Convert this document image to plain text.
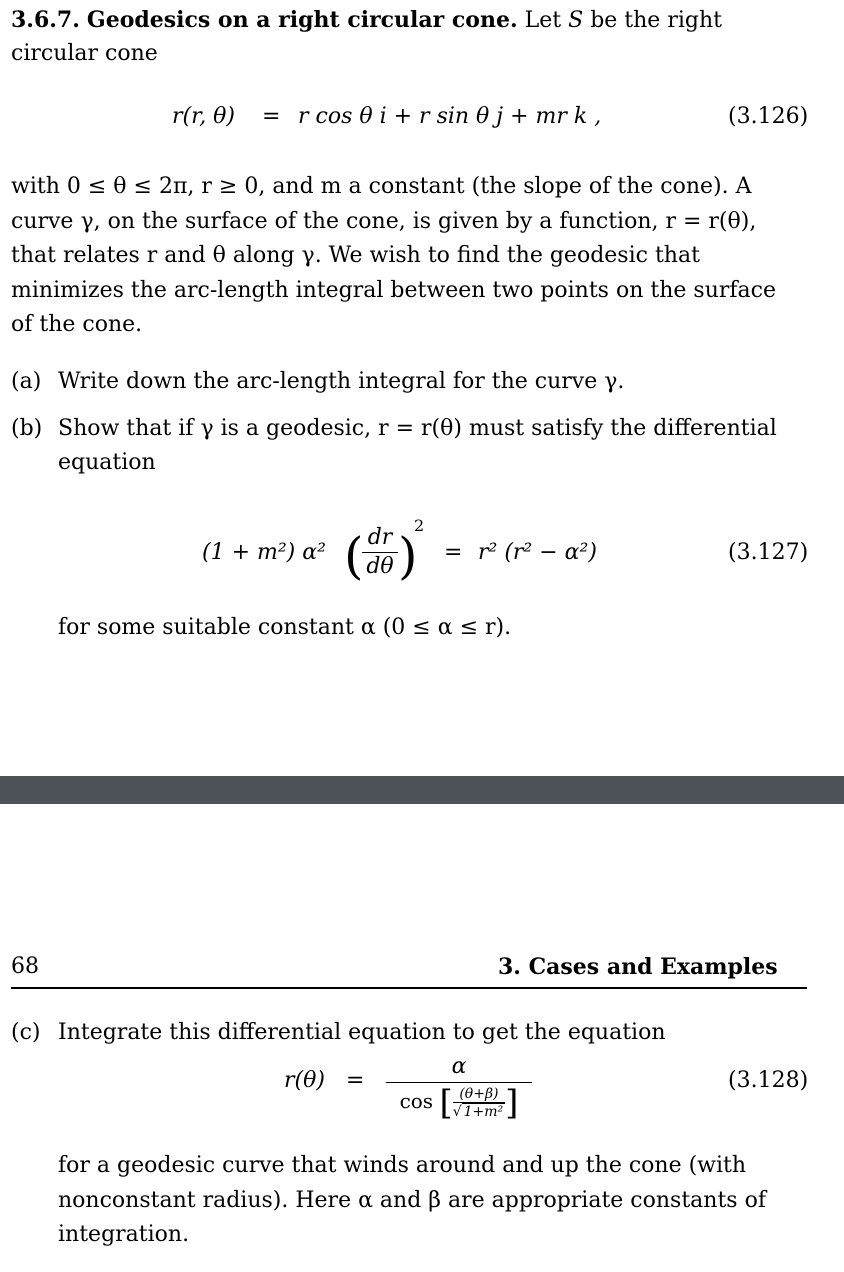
3.6.7. Geodesics on a right circular cone. Let S be the right
circular cone
r(r, θ) = r cos θ i + r sin θ j + mr k ,	(3.126)
with 0 ≤ θ ≤ 2π, r ≥ 0, and m a constant (the slope of the cone). A
curve γ, on the surface of the cone, is given by a function, r = r(θ),
that relates r and θ along γ. We wish to find the geodesic that
minimizes the arc-length integral between two points on the surface
of the cone.
(a) Write down the arc-length integral for the curve γ.
(b) Show that if γ is a geodesic, r = r(θ) must satisfy the differential
equation
(1 + m²) α² (
$\frac{dr}{d\theta}$ )
2
= r² (r² − α²)	(3.127)
for some suitable constant α (0 ≤ α ≤ r).
68	3. Cases and Examples
(c) Integrate this differential equation to get the equation
$r(\theta) = \frac{\alpha}{\cos [ \frac{(\theta+\beta)}{\text{√ 1+m²}} ]}$	(3.128)
for a geodesic curve that winds around and up the cone (with
nonconstant radius). Here α and β are appropriate constants of
integration.
